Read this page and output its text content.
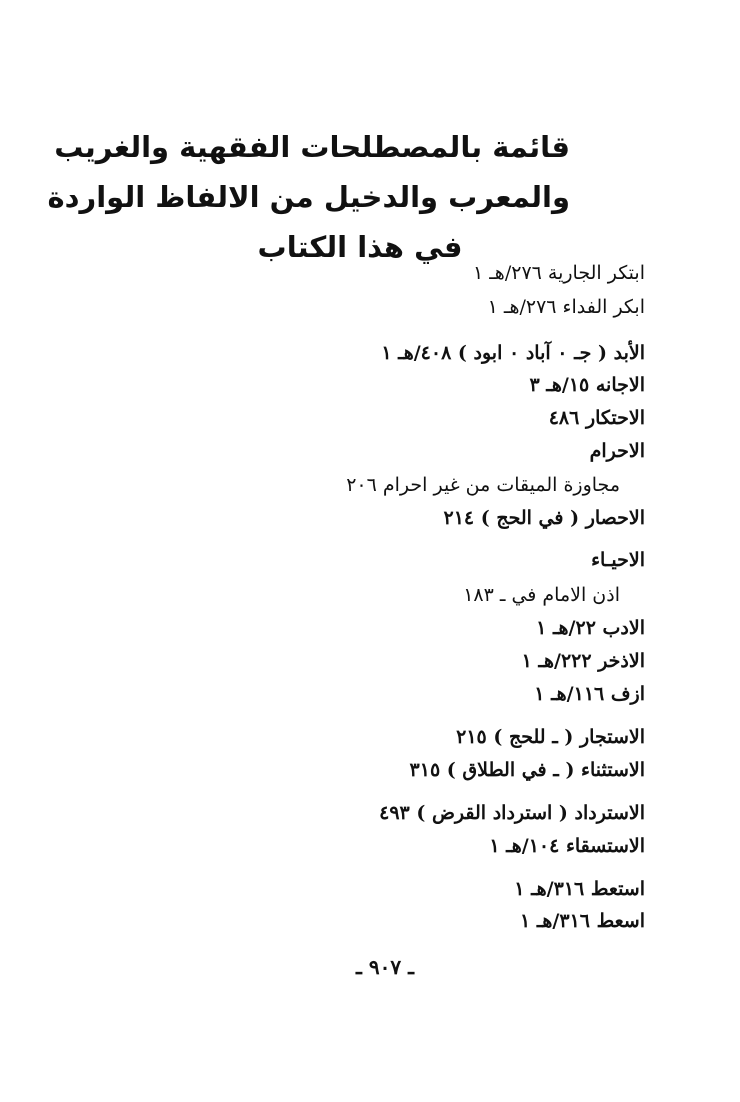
قائمة بالمصطلحات الفقهية والغريب
والمعرب والدخيل من الالفاظ الواردة
في هذا الكتاب
ابتكر الجارية ٢٧٦/هـ ١
ابكر الفداء ٢٧٦/هـ ١
الأبد ( جـ ٠ آباد ٠ ابود ) ٤٠٨/هـ ١
الاجانه ١٥/هـ ٣
الاحتكار ٤٨٦
الاحرام
مجاوزة الميقات من غير احرام ٢٠٦
الاحصار ( في الحج ) ٢١٤
الاحيـاء
اذن الامام في ـ ١٨٣
الادب ٢٢/هـ ١
الاذخر ٢٢٢/هـ ١
ازف ١١٦/هـ ١
الاستجار ( ـ للحج ) ٢١٥
الاستثناء ( ـ في الطلاق ) ٣١٥
الاسترداد ( استرداد القرض ) ٤٩٣
الاستسقاء ١٠٤/هـ ١
استعط ٣١٦/هـ ١
اسعط ٣١٦/هـ ١
ـ ٩٠٧ ـ
